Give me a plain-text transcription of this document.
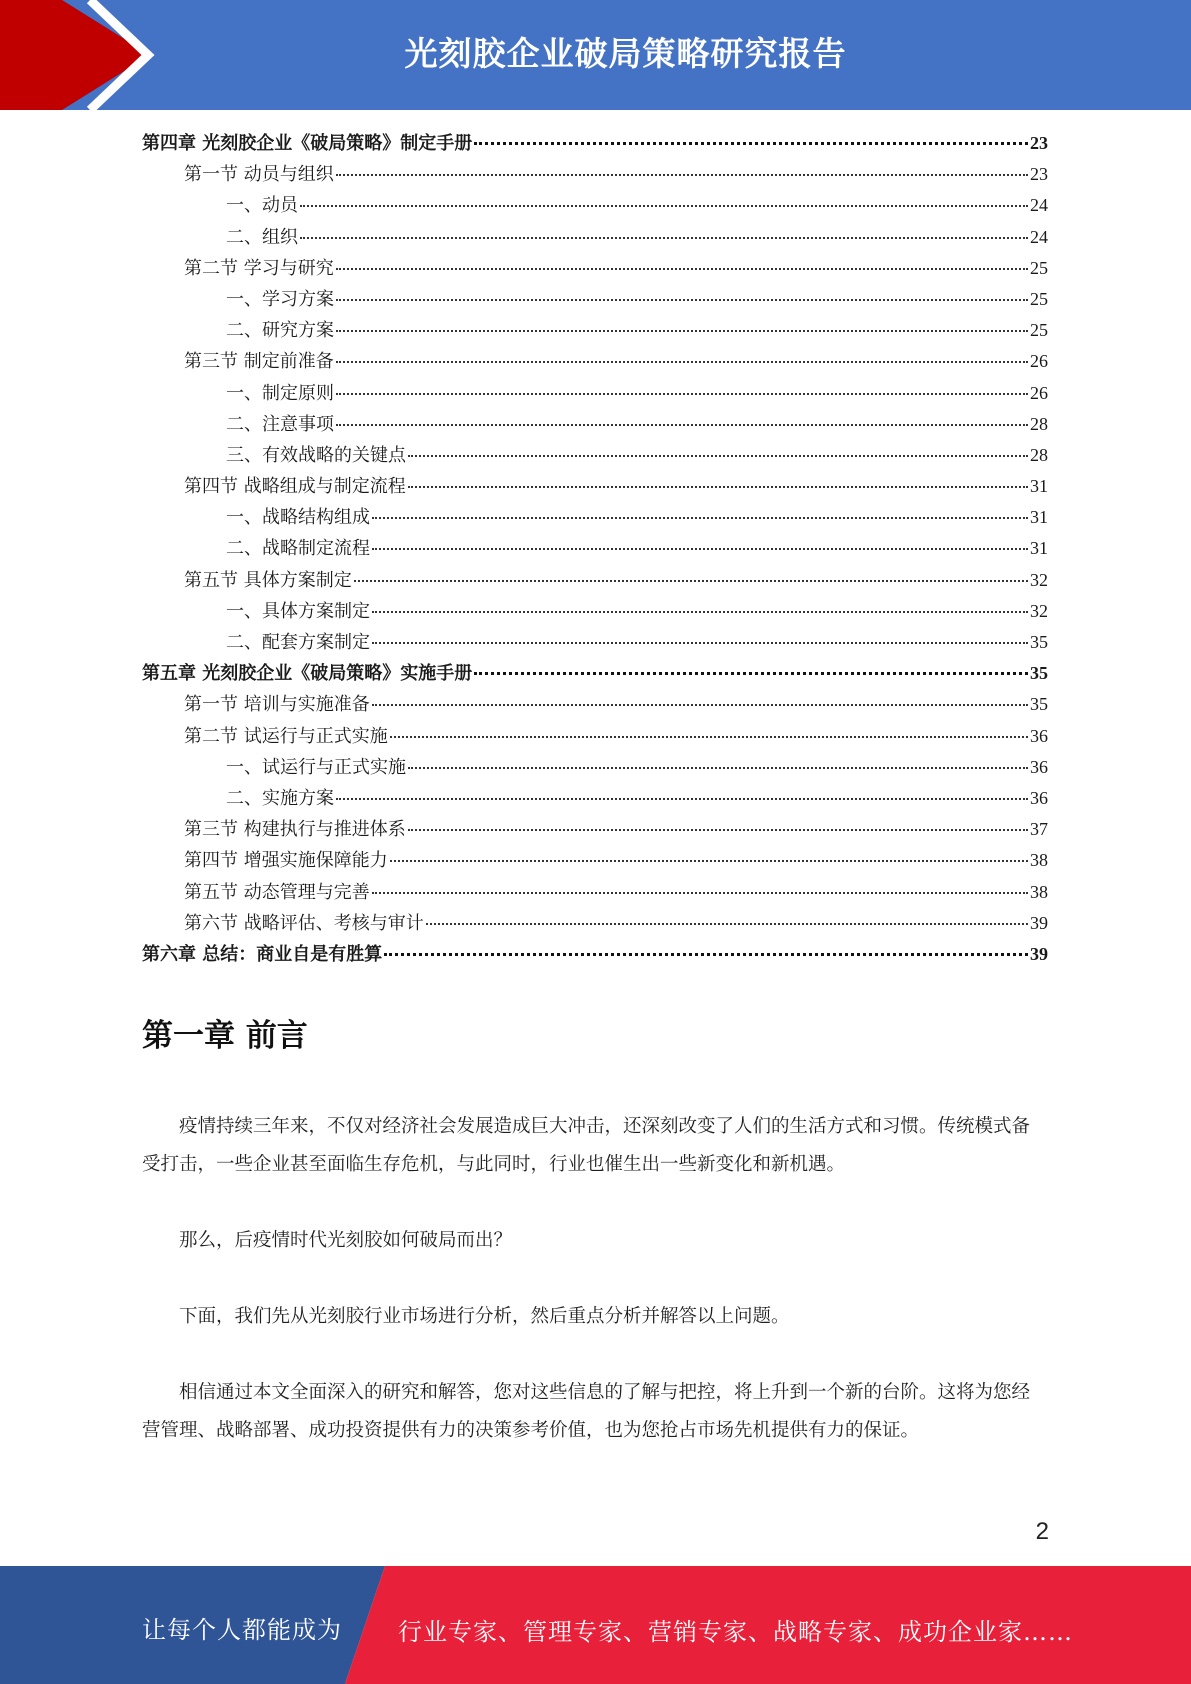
光刻胶企业破局策略研究报告
第四章 光刻胶企业《破局策略》制定手册	23
第一节 动员与组织	23
一、动员	24
二、组织	24
第二节 学习与研究	25
一、学习方案	25
二、研究方案	25
第三节 制定前准备	26
一、制定原则	26
二、注意事项	28
三、有效战略的关键点	28
第四节 战略组成与制定流程	31
一、战略结构组成	31
二、战略制定流程	31
第五节 具体方案制定	32
一、具体方案制定	32
二、配套方案制定	35
第五章 光刻胶企业《破局策略》实施手册	35
第一节 培训与实施准备	35
第二节 试运行与正式实施	36
一、试运行与正式实施	36
二、实施方案	36
第三节 构建执行与推进体系	37
第四节 增强实施保障能力	38
第五节 动态管理与完善	38
第六节 战略评估、考核与审计	39
第六章 总结：商业自是有胜算	39
第一章 前言

疫情持续三年来，不仅对经济社会发展造成巨大冲击，还深刻改变了人们的生活方式和习惯。传统模式备受打击，一些企业甚至面临生存危机，与此同时，行业也催生出一些新变化和新机遇。

那么，后疫情时代光刻胶如何破局而出？

下面，我们先从光刻胶行业市场进行分析，然后重点分析并解答以上问题。

相信通过本文全面深入的研究和解答，您对这些信息的了解与把控，将上升到一个新的台阶。这将为您经营管理、战略部署、成功投资提供有力的决策参考价值，也为您抢占市场先机提供有力的保证。

2
让每个人都能成为 行业专家、管理专家、营销专家、战略专家、成功企业家……
